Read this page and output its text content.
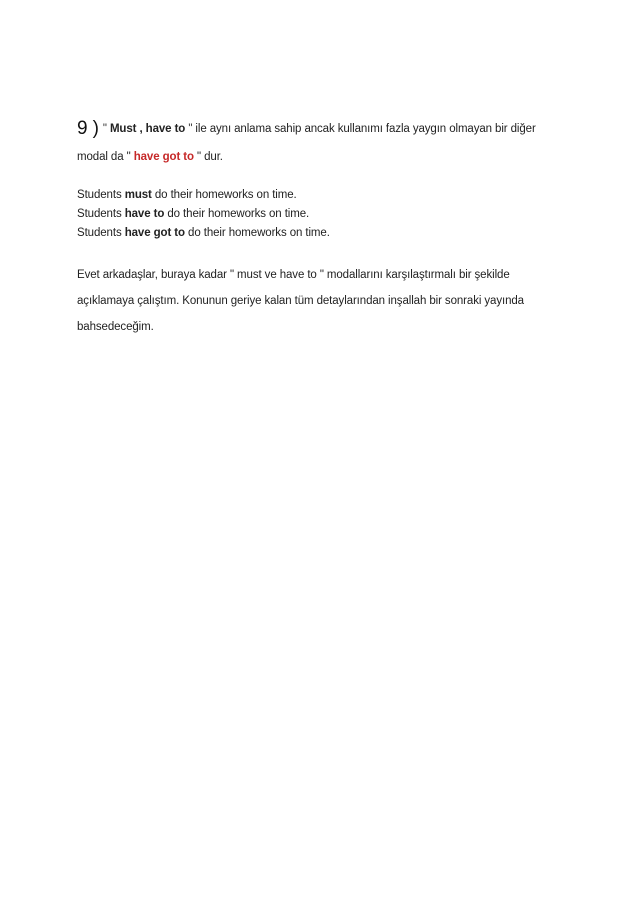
9 ) " Must , have to " ile aynı anlama sahip ancak kullanımı fazla yaygın olmayan bir diğer
modal da " have got to " dur.
Students must do their homeworks on time.
Students have to do their homeworks on time.
Students have got to do their homeworks on time.
Evet arkadaşlar, buraya kadar " must ve have to " modallarını karşılaştırmalı bir şekilde
açıklamaya çalıştım. Konunun geriye kalan tüm detaylarından inşallah bir sonraki yayında
bahsedeceğim.
